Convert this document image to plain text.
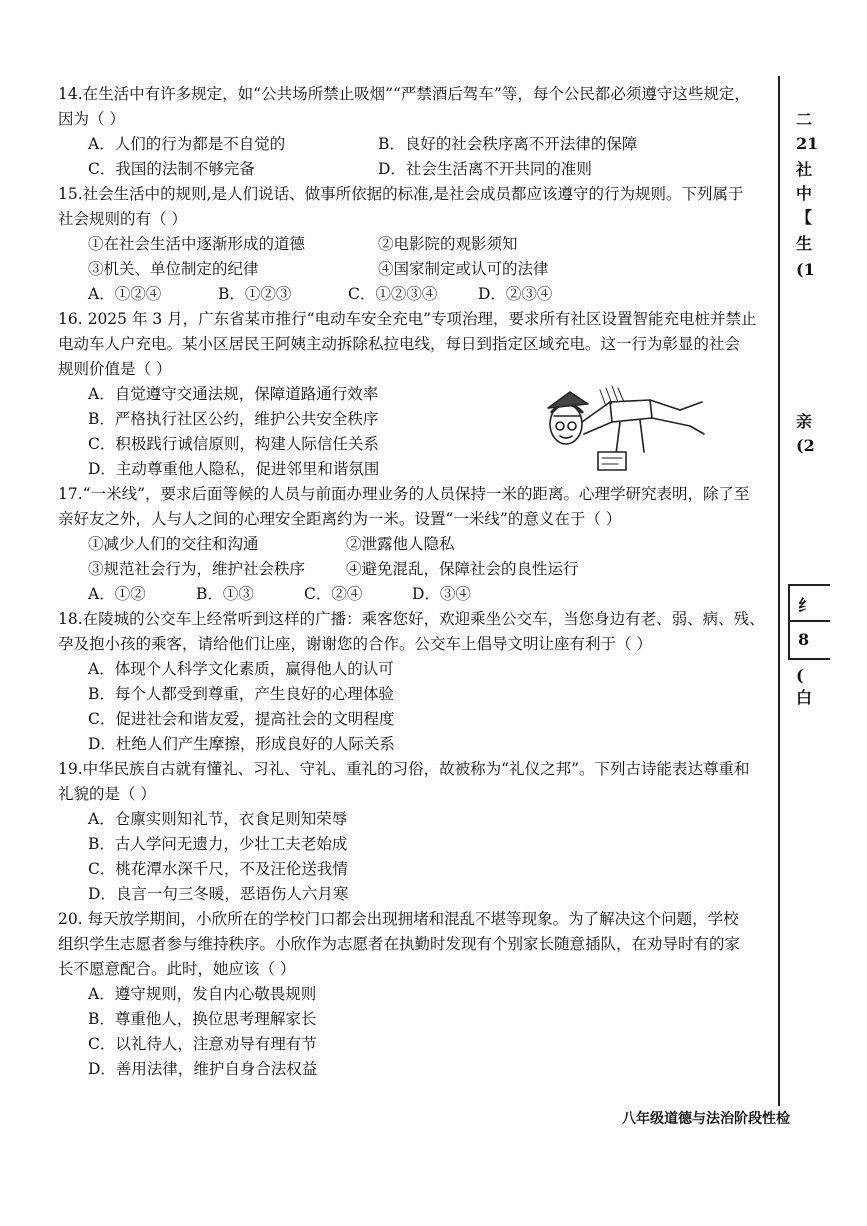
14.在生活中有许多规定，如“公共场所禁止吸烟”“严禁酒后驾车”等，每个公民都必须遵守这些规定，
因为（ ）
A．人们的行为都是不自觉的	B．良好的社会秩序离不开法律的保障
C．我国的法制不够完备	D．社会生活离不开共同的准则
15.社会生活中的规则,是人们说话、做事所依据的标准,是社会成员都应该遵守的行为规则。下列属于
社会规则的有（ ）
①在社会生活中逐渐形成的道德	②电影院的观影须知
③机关、单位制定的纪律	④国家制定或认可的法律
A．①②④	B．①②③	C．①②③④	D．②③④
16. 2025 年 3 月，广东省某市推行“电动车安全充电”专项治理，要求所有社区设置智能充电桩并禁止
电动车人户充电。某小区居民王阿姨主动拆除私拉电线，每日到指定区域充电。这一行为彰显的社会
规则价值是（ ）
A．自觉遵守交通法规，保障道路通行效率
B．严格执行社区公约，维护公共安全秩序
C．积极践行诚信原则，构建人际信任关系
D．主动尊重他人隐私，促进邻里和谐氛围
17.“一米线”，要求后面等候的人员与前面办理业务的人员保持一米的距离。心理学研究表明，除了至
亲好友之外，人与人之间的心理安全距离约为一米。设置“一米线”的意义在于（ ）
①减少人们的交往和沟通	②泄露他人隐私
③规范社会行为，维护社会秩序	④避免混乱，保障社会的良性运行
A．①②	B．①③	C．②④	D．③④
18.在陵城的公交车上经常听到这样的广播：乘客您好，欢迎乘坐公交车，当您身边有老、弱、病、残、
孕及抱小孩的乘客，请给他们让座，谢谢您的合作。公交车上倡导文明让座有利于（ ）
A．体现个人科学文化素质，赢得他人的认可
B．每个人都受到尊重，产生良好的心理体验
C．促进社会和谐友爱，提高社会的文明程度
D．杜绝人们产生摩擦，形成良好的人际关系
19.中华民族自古就有懂礼、习礼、守礼、重礼的习俗，故被称为“礼仪之邦”。下列古诗能表达尊重和
礼貌的是（ ）
A．仓廪实则知礼节，衣食足则知荣辱
B．古人学问无遗力，少壮工夫老始成
C．桃花潭水深千尺，不及汪伦送我情
D．良言一句三冬暖，恶语伤人六月寒
20. 每天放学期间，小欣所在的学校门口都会出现拥堵和混乱不堪等现象。为了解决这个问题，学校
组织学生志愿者参与维持秩序。小欣作为志愿者在执勤时发现有个别家长随意插队，在劝导时有的家
长不愿意配合。此时，她应该（ ）
A．遵守规则，发自内心敬畏规则
B．尊重他人，换位思考理解家长
C．以礼待人，注意劝导有理有节
D．善用法律，维护自身合法权益
二
21
社
中
【
生
(1
亲
(2
纟
8
(
白
八年级道德与法治阶段性检
